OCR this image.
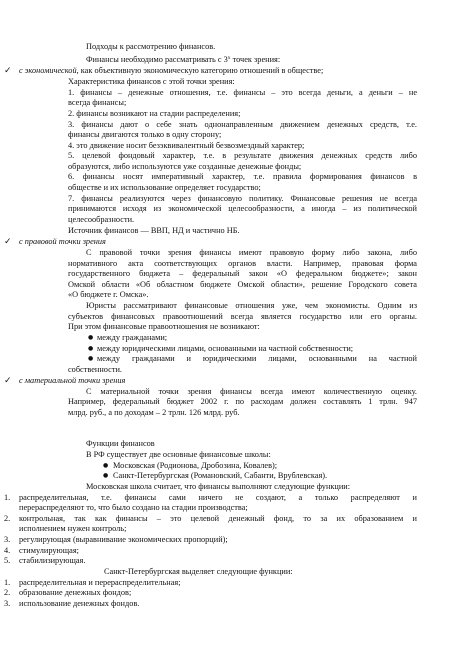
Подходы к рассмотрению финансов.
Финансы необходимо рассматривать с $3^х$ точек зрения:
✓ с экономической, как объективную экономическую категорию отношений в обществе;
Характеристика финансов с этой точки зрения:
1. финансы – денежные отношения, т.е. финансы – это всегда деньги, а деньги – не
всегда финансы;
2. финансы возникают на стадии распределения;
3. финансы дают о себе знать однонаправленным движением денежных средств, т.е.
финансы двигаются только в одну сторону;
4. это движение носит безэквивалентный безвозмездный характер;
5. целевой фондовый характер, т.е. в результате движения денежных средств либо
образуются, либо используются уже созданные денежные фонды;
6. финансы носят императивный характер, т.е. правила формирования финансов в
обществе и их использование определяет государство;
7. финансы реализуются через финансовую политику. Финансовые решения не всегда
принимаются исходя из экономической целесообразности, а иногда – из политической
целесообразности.
Источник финансов — ВВП, НД и частично НБ.
✓ с правовой точки зрения
С правовой точки зрения финансы имеют правовую форму либо закона, либо
нормативного акта соответствующих органов власти. Например, правовая форма
государственного бюджета – федеральный закон «О федеральном бюджете»; закон
Омской области «Об областном бюджете Омской области», решение Городского совета
«О бюджете г. Омска».
Юристы рассматривают финансовые отношения уже, чем экономисты. Одним из
субъектов финансовых правоотношений всегда является государство или его органы.
При этом финансовые правоотношения не возникают:
● между гражданами;
● между юридическими лицами, основанными на частной собственности;
● между гражданами и юридическими лицами, основанными на частной
собственности.
✓ с материальной точки зрения
С материальной точки зрения финансы всегда имеют количественную оценку.
Например, федеральный бюджет 2002 г. по расходам должен составлять 1 трлн. 947
млрд. руб., а по доходам – 2 трлн. 126 млрд. руб.
Функции финансов
В РФ существует две основные финансовые школы:
● Московская (Родионова, Дробозина, Ковалев);
● Санкт-Петербургская (Романовский, Сабанти, Врублевская).
Московская школа считает, что финансы выполняют следующие функции:
1. распределительная, т.е. финансы сами ничего не создают, а только распределяют и
перераспределяют то, что было создано на стадии производства;
2. контрольная, так как финансы – это целевой денежный фонд, то за их образованием и
исполнением нужен контроль;
3. регулирующая (выравнивание экономических пропорций);
4. стимулирующая;
5. стабилизирующая.
Санкт-Петербургская выделяет следующие функции:
1. распределительная и перераспределительная;
2. образование денежных фондов;
3. использование денежных фондов.
